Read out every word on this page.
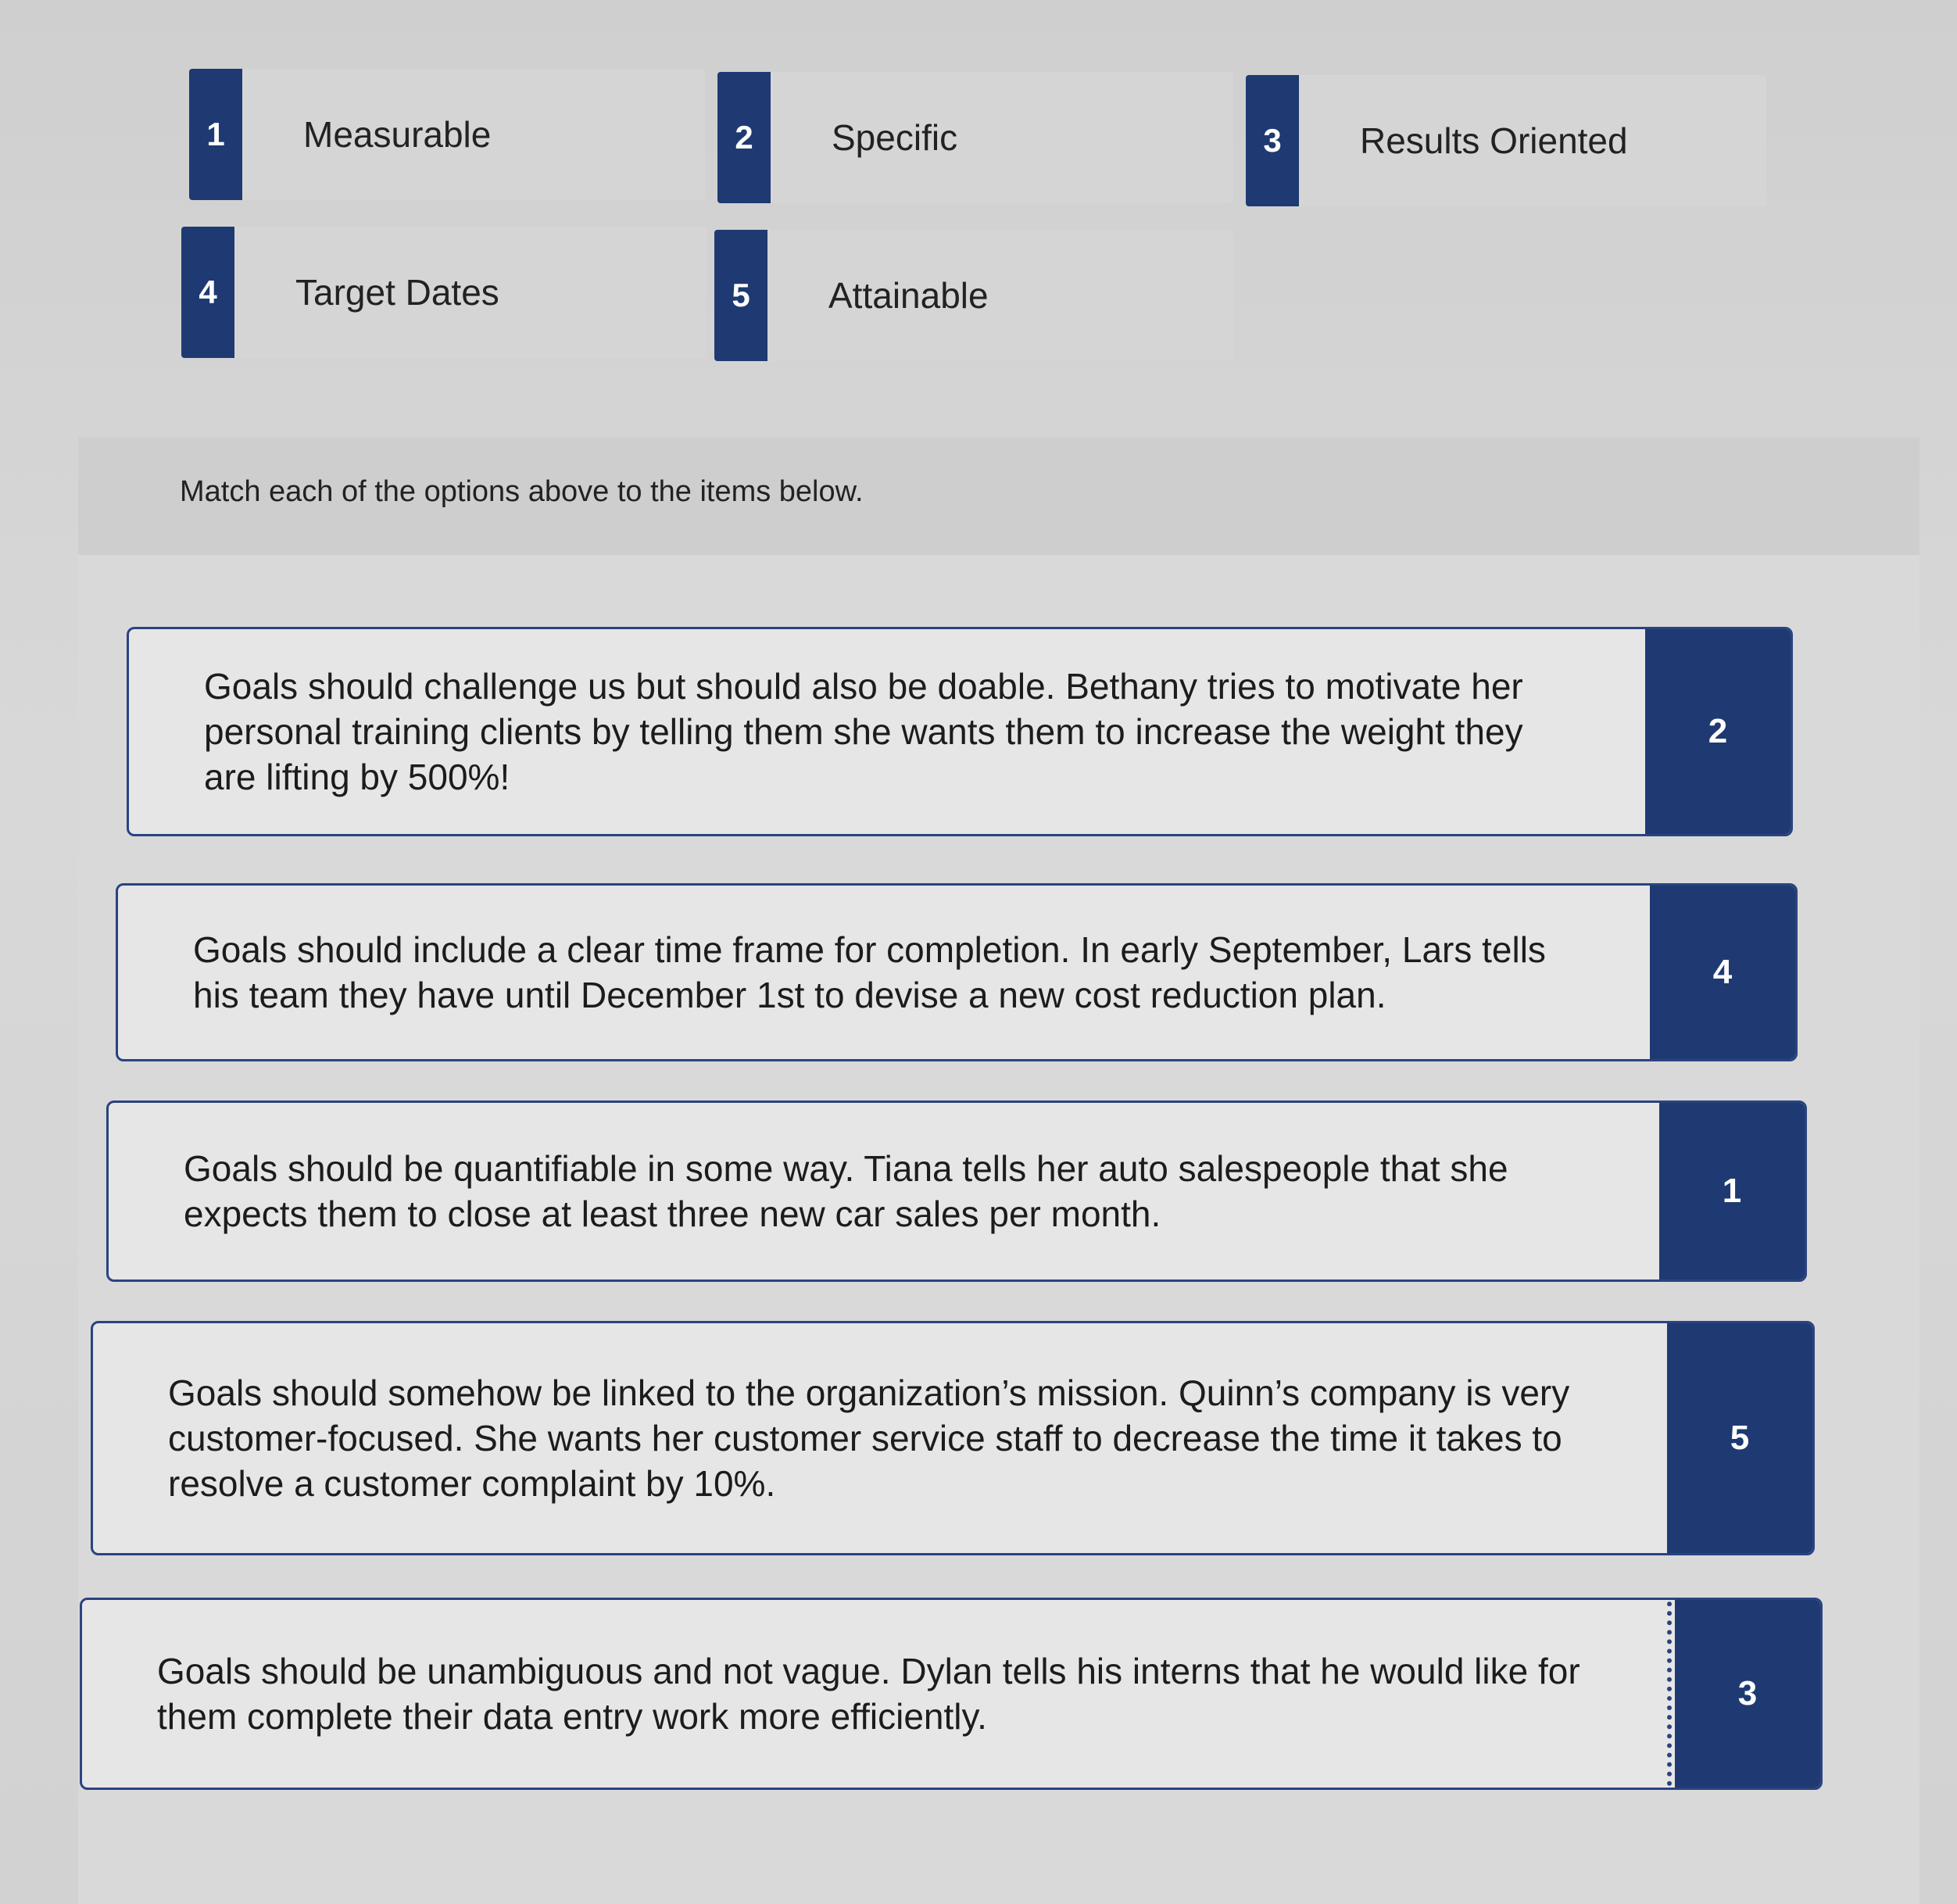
1	Measurable	2	Specific	3	Results Oriented
4	Target Dates	5	Attainable
Match each of the options above to the items below.
Goals should challenge us but should also be doable. Bethany tries to motivate her personal training clients by telling them she wants them to increase the weight they are lifting by 500%!
2
Goals should include a clear time frame for completion. In early September, Lars tells his team they have until December 1st to devise a new cost reduction plan.
4
Goals should be quantifiable in some way. Tiana tells her auto salespeople that she expects them to close at least three new car sales per month.
1
Goals should somehow be linked to the organization’s mission. Quinn’s company is very customer-focused. She wants her customer service staff to decrease the time it takes to resolve a customer complaint by 10%.
5
Goals should be unambiguous and not vague. Dylan tells his interns that he would like for them complete their data entry work more efficiently.
3
